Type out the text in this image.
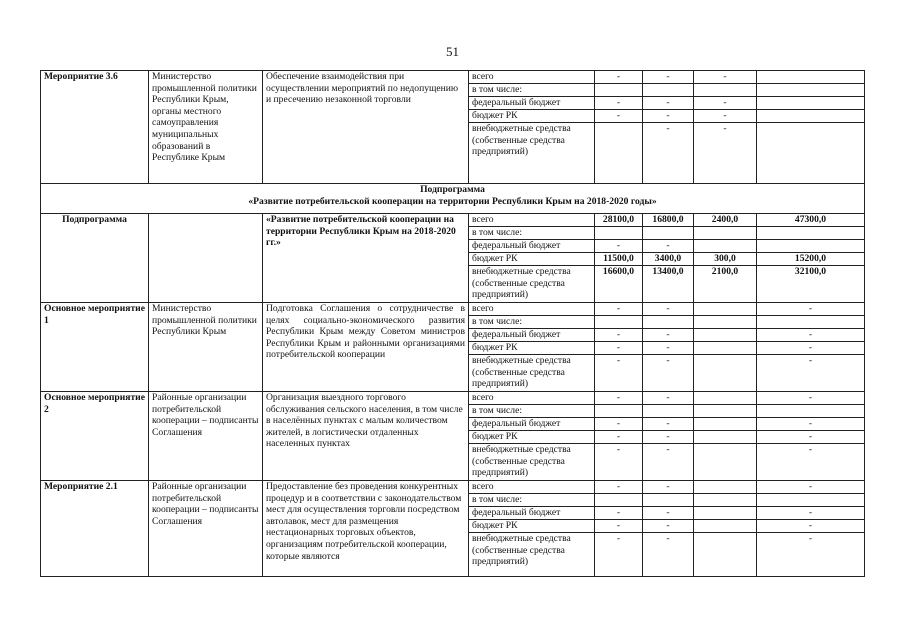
51
Мероприятие 3.6	Министерство промышленной политики Республики Крым, органы местного самоуправления муниципальных образований в Республике Крым	Обеспечение взаимодействия при осуществлении мероприятий по недопущению и пресечению незаконной торговли	всего	-	-	-	
			в том числе:				
			федеральный бюджет	-	-	-	
			бюджет РК	-	-	-	
			внебюджетные средства (собственные средства предприятий)		-	-	

Подпрограмма
«Развитие потребительской кооперации на территории Республики Крым на 2018-2020 годы»							

Подпрограмма		«Развитие потребительской кооперации на территории Республики Крым на 2018-2020 гг.»	всего	28100,0	16800,0	2400,0	47300,0
			в том числе:				
			федеральный бюджет	-	-		
			бюджет РК	11500,0	3400,0	300,0	15200,0
			внебюджетные средства (собственные средства предприятий)	16600,0	13400,0	2100,0	32100,0
Основное мероприятие 1	Министерство промышленной политики Республики Крым	Подготовка Соглашения о сотрудничестве в целях социально-экономического развития Республики Крым между Советом министров Республики Крым и районными организациями потребительской кооперации	всего	-	-		-
			в том числе:				
			федеральный бюджет	-	-		-
			бюджет РК	-	-		-
			внебюджетные средства (собственные средства предприятий)	-	-		-
Основное мероприятие 2	Районные организации потребительской кооперации – подписанты Соглашения	Организация выездного торгового обслуживания сельского населения, в том числе в населённых пунктах с малым количеством жителей, в логистически отдаленных населенных пунктах	всего	-	-		-
			в том числе:				
			федеральный бюджет	-	-		-
			бюджет РК	-	-		-
			внебюджетные средства (собственные средства предприятий)	-	-		-
Мероприятие 2.1	Районные организации потребительской кооперации – подписанты Соглашения	Предоставление без проведения конкурентных процедур и в соответствии с законодательством мест для осуществления торговли посредством автолавок, мест для размещения нестационарных торговых объектов, организациям потребительской кооперации, которые являются	всего	-	-		-
			в том числе:				
			федеральный бюджет	-	-		-
			бюджет РК	-	-		-
			внебюджетные средства (собственные средства предприятий)	-	-		-
